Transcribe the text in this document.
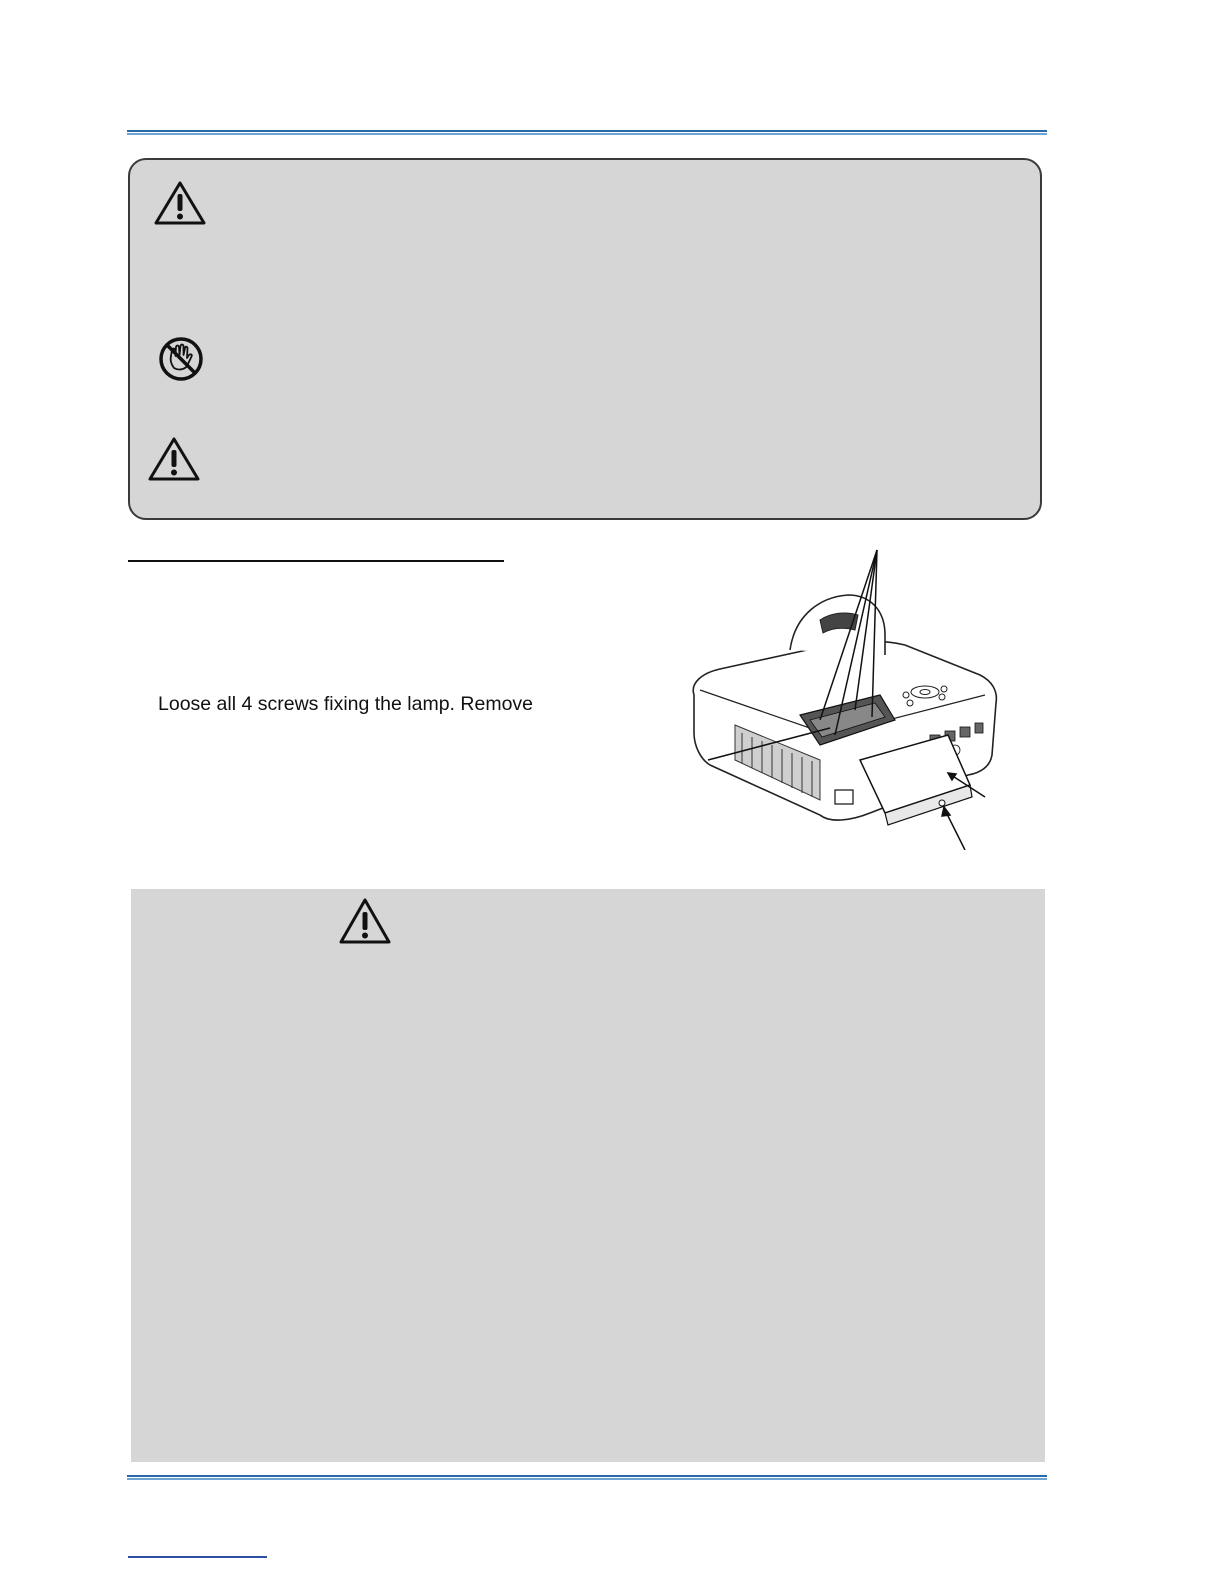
Loose all 4 screws fixing the lamp. Remove
